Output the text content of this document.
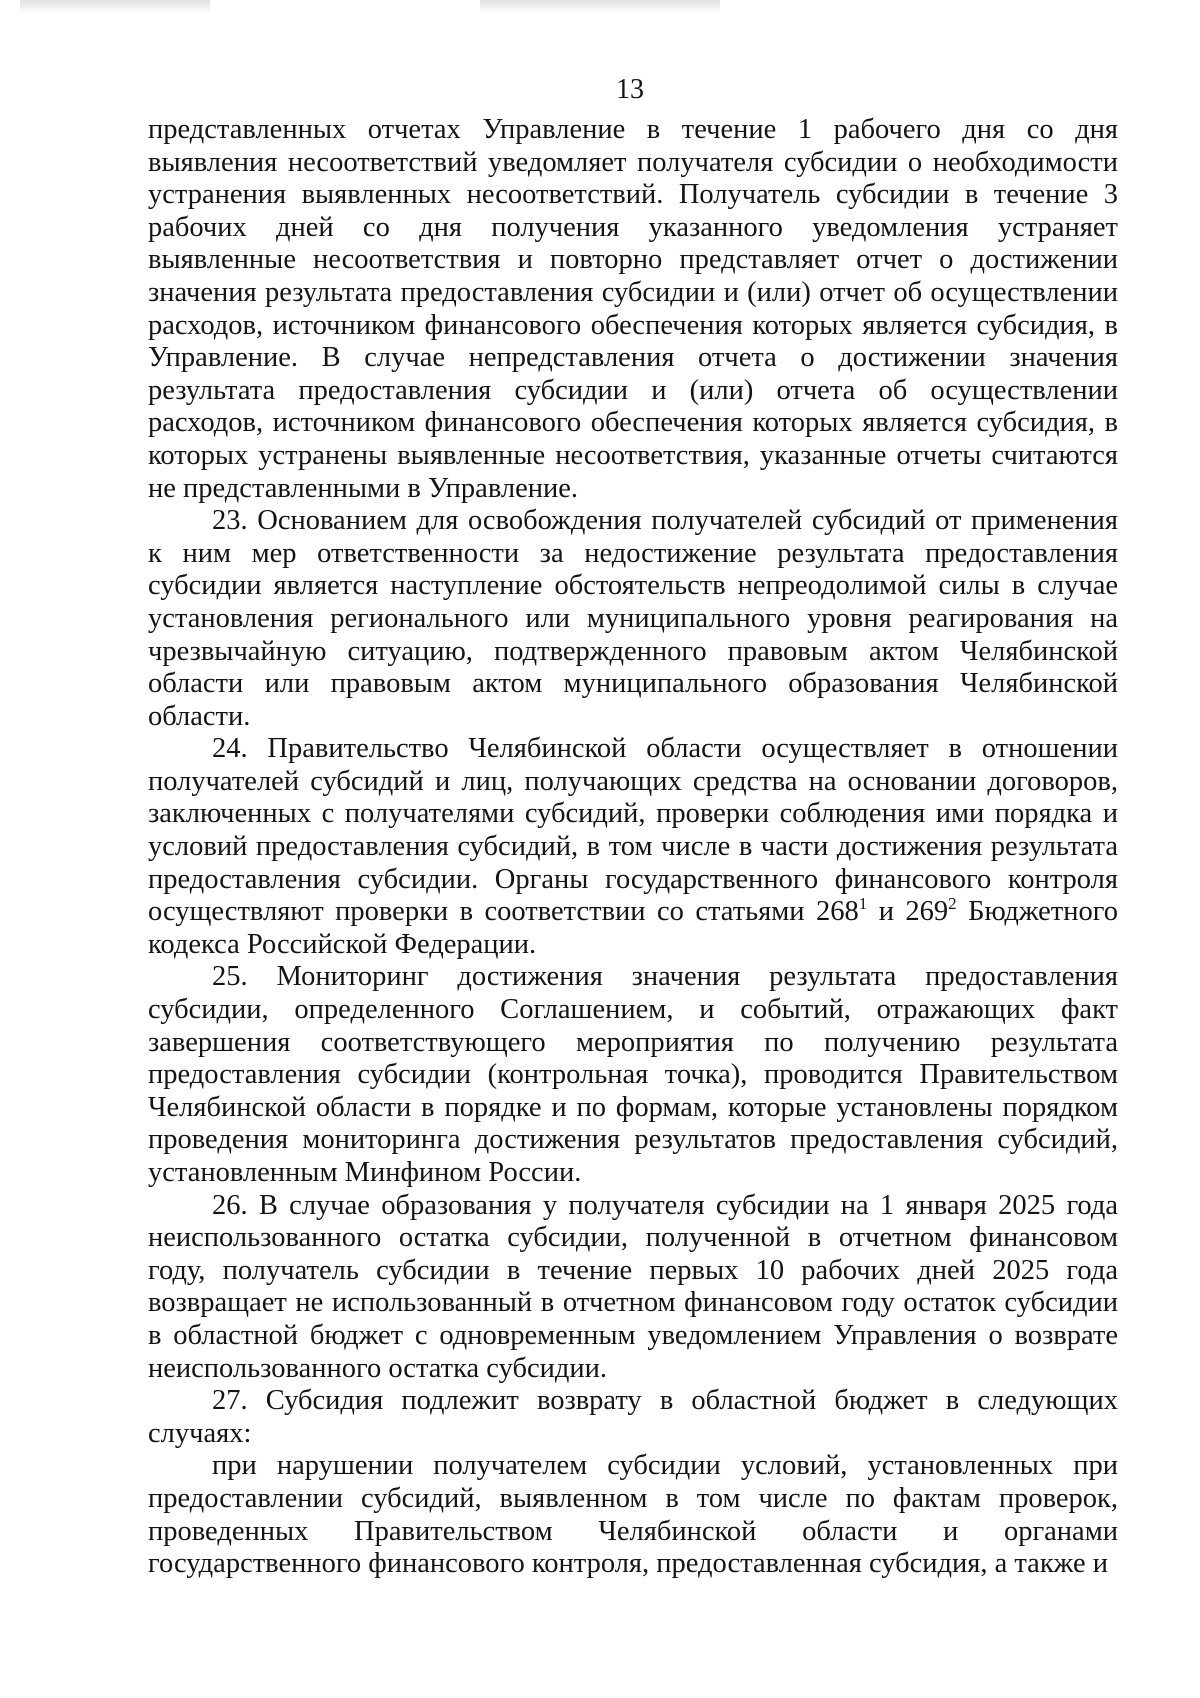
13

представленных отчетах Управление в течение 1 рабочего дня со дня выявления несоответствий уведомляет получателя субсидии о необходимости устранения выявленных несоответствий. Получатель субсидии в течение 3 рабочих дней со дня получения указанного уведомления устраняет выявленные несоответствия и повторно представляет отчет о достижении значения результата предоставления субсидии и (или) отчет об осуществлении расходов, источником финансового обеспечения которых является субсидия, в Управление. В случае непредставления отчета о достижении значения результата предоставления субсидии и (или) отчета об осуществлении расходов, источником финансового обеспечения которых является субсидия, в которых устранены выявленные несоответствия, указанные отчеты считаются не представленными в Управление.

23. Основанием для освобождения получателей субсидий от применения к ним мер ответственности за недостижение результата предоставления субсидии является наступление обстоятельств непреодолимой силы в случае установления регионального или муниципального уровня реагирования на чрезвычайную ситуацию, подтвержденного правовым актом Челябинской области или правовым актом муниципального образования Челябинской области.

24. Правительство Челябинской области осуществляет в отношении получателей субсидий и лиц, получающих средства на основании договоров, заключенных с получателями субсидий, проверки соблюдения ими порядка и условий предоставления субсидий, в том числе в части достижения результата предоставления субсидии. Органы государственного финансового контроля осуществляют проверки в соответствии со статьями $268^1$ и $269^2$ Бюджетного кодекса Российской Федерации.

25. Мониторинг достижения значения результата предоставления субсидии, определенного Соглашением, и событий, отражающих факт завершения соответствующего мероприятия по получению результата предоставления субсидии (контрольная точка), проводится Правительством Челябинской области в порядке и по формам, которые установлены порядком проведения мониторинга достижения результатов предоставления субсидий, установленным Минфином России.

26. В случае образования у получателя субсидии на 1 января 2025 года неиспользованного остатка субсидии, полученной в отчетном финансовом году, получатель субсидии в течение первых 10 рабочих дней 2025 года возвращает не использованный в отчетном финансовом году остаток субсидии в областной бюджет с одновременным уведомлением Управления о возврате неиспользованного остатка субсидии.

27. Субсидия подлежит возврату в областной бюджет в следующих случаях:

при нарушении получателем субсидии условий, установленных при предоставлении субсидий, выявленном в том числе по фактам проверок, проведенных Правительством Челябинской области и органами государственного финансового контроля, предоставленная субсидия, а также и
